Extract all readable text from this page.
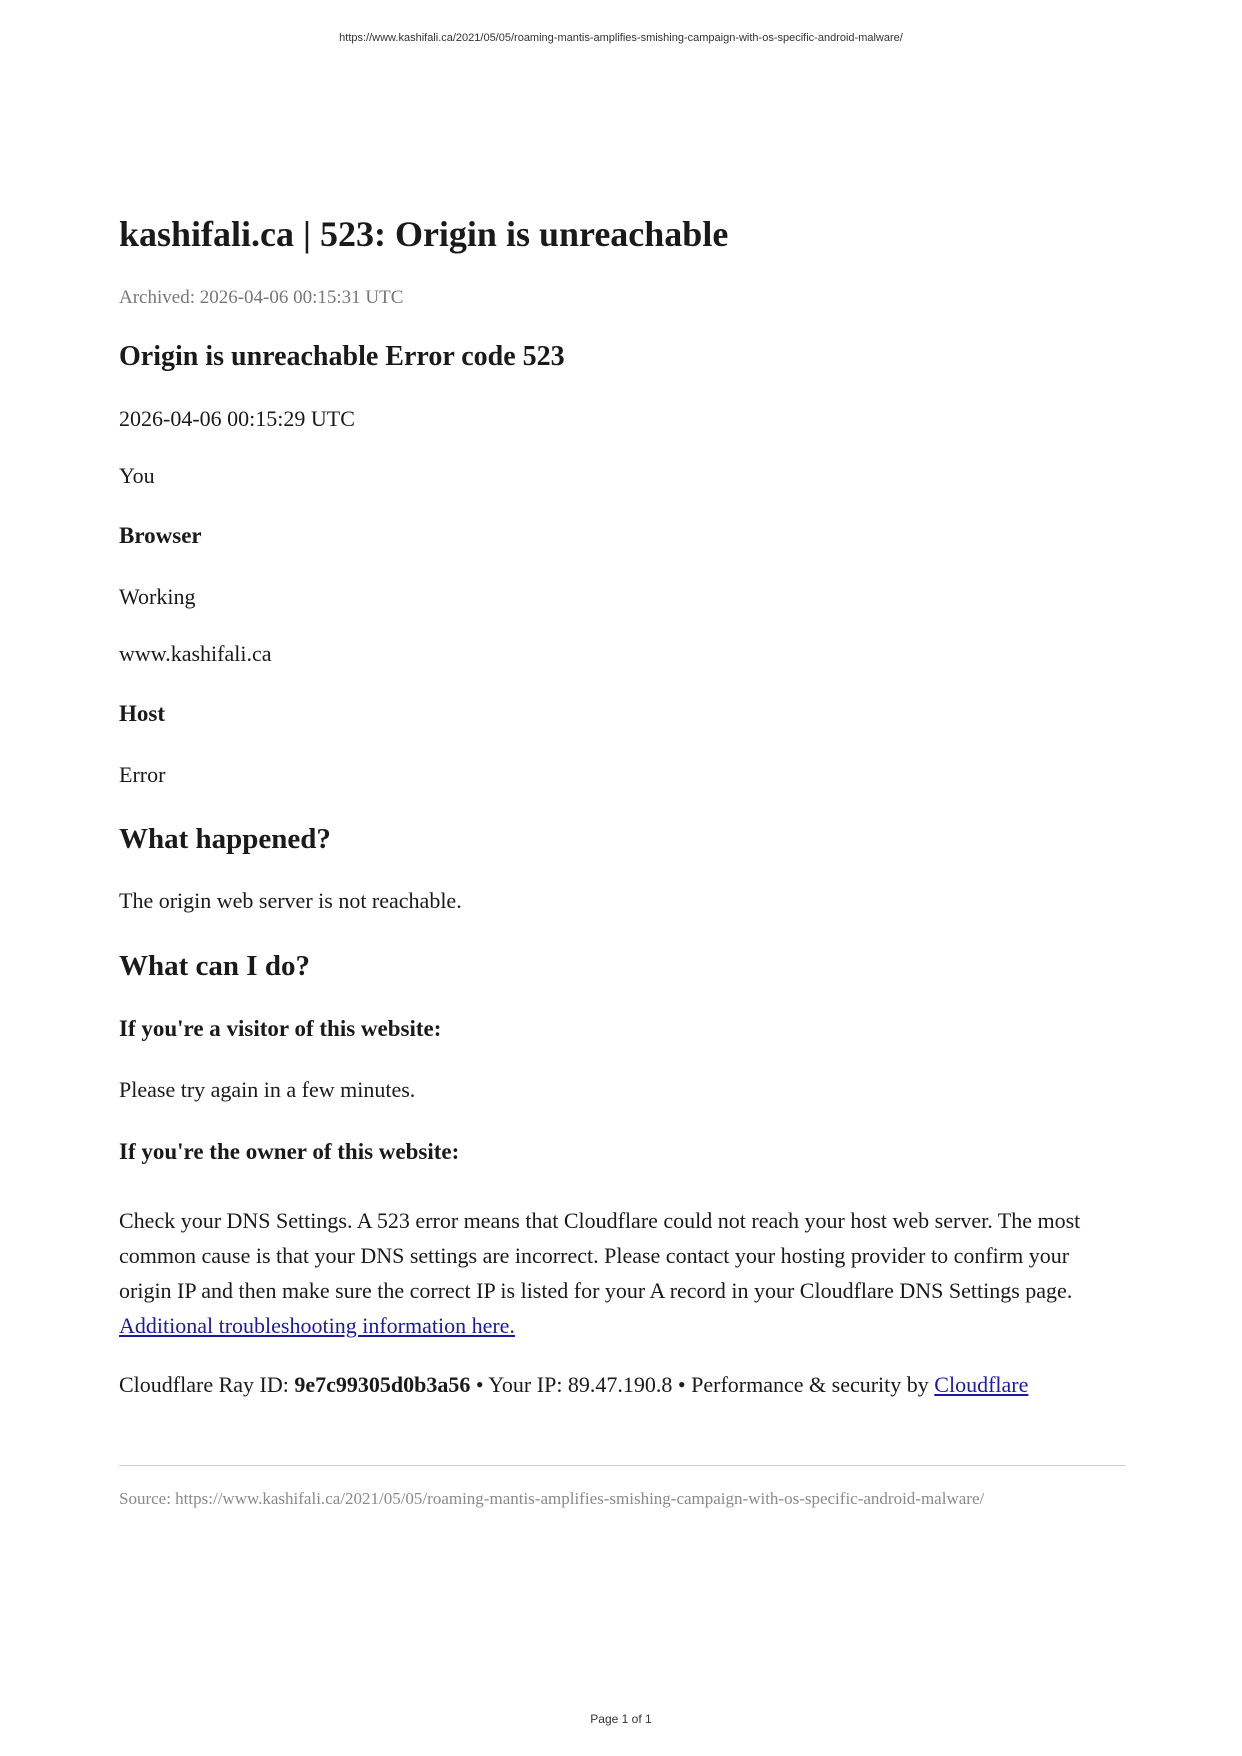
https://www.kashifali.ca/2021/05/05/roaming-mantis-amplifies-smishing-campaign-with-os-specific-android-malware/
kashifali.ca | 523: Origin is unreachable
Archived: 2026-04-06 00:15:31 UTC
Origin is unreachable Error code 523

2026-04-06 00:15:29 UTC

You

Browser

Working

www.kashifali.ca

Host

Error

What happened?

The origin web server is not reachable.

What can I do?
If you're a visitor of this website:

Please try again in a few minutes.

If you're the owner of this website:

Check your DNS Settings. A 523 error means that Cloudflare could not reach your host web server. The most common cause is that your DNS settings are incorrect. Please contact your hosting provider to confirm your origin IP and then make sure the correct IP is listed for your A record in your Cloudflare DNS Settings page. Additional troubleshooting information here.

Cloudflare Ray ID: 9e7c99305d0b3a56 • Your IP: 89.47.190.8 • Performance & security by Cloudflare

Source: https://www.kashifali.ca/2021/05/05/roaming-mantis-amplifies-smishing-campaign-with-os-specific-android-malware/
Page 1 of 1
